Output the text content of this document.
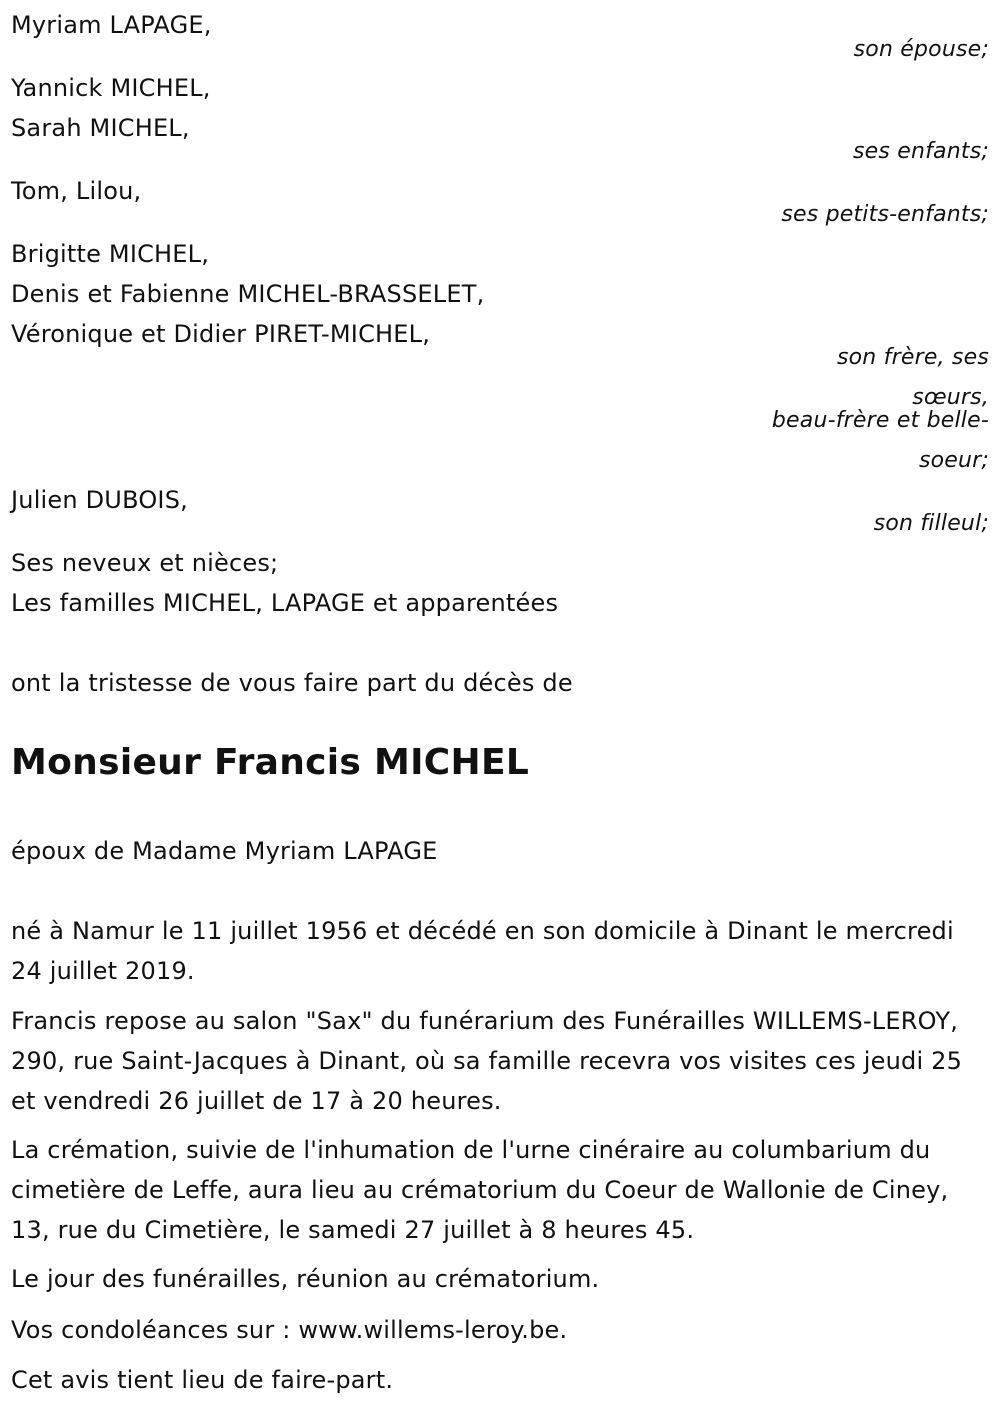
Myriam LAPAGE,
son épouse;
Yannick MICHEL,
Sarah MICHEL,
ses enfants;
Tom, Lilou,
ses petits-enfants;
Brigitte MICHEL,
Denis et Fabienne MICHEL-BRASSELET,
Véronique et Didier PIRET-MICHEL,
son frère, ses
sœurs,
beau-frère et belle-
soeur;
Julien DUBOIS,
son filleul;
Ses neveux et nièces;
Les familles MICHEL, LAPAGE et apparentées
ont la tristesse de vous faire part du décès de
Monsieur Francis MICHEL
époux de Madame Myriam LAPAGE
né à Namur le 11 juillet 1956 et décédé en son domicile à Dinant le mercredi 24 juillet 2019.
Francis repose au salon "Sax" du funérarium des Funérailles WILLEMS-LEROY, 290, rue Saint-Jacques à Dinant, où sa famille recevra vos visites ces jeudi 25 et vendredi 26 juillet de 17 à 20 heures.
La crémation, suivie de l'inhumation de l'urne cinéraire au columbarium du cimetière de Leffe, aura lieu au crématorium du Coeur de Wallonie de Ciney, 13, rue du Cimetière, le samedi 27 juillet à 8 heures 45.
Le jour des funérailles, réunion au crématorium.
Vos condoléances sur : www.willems-leroy.be.
Cet avis tient lieu de faire-part.
